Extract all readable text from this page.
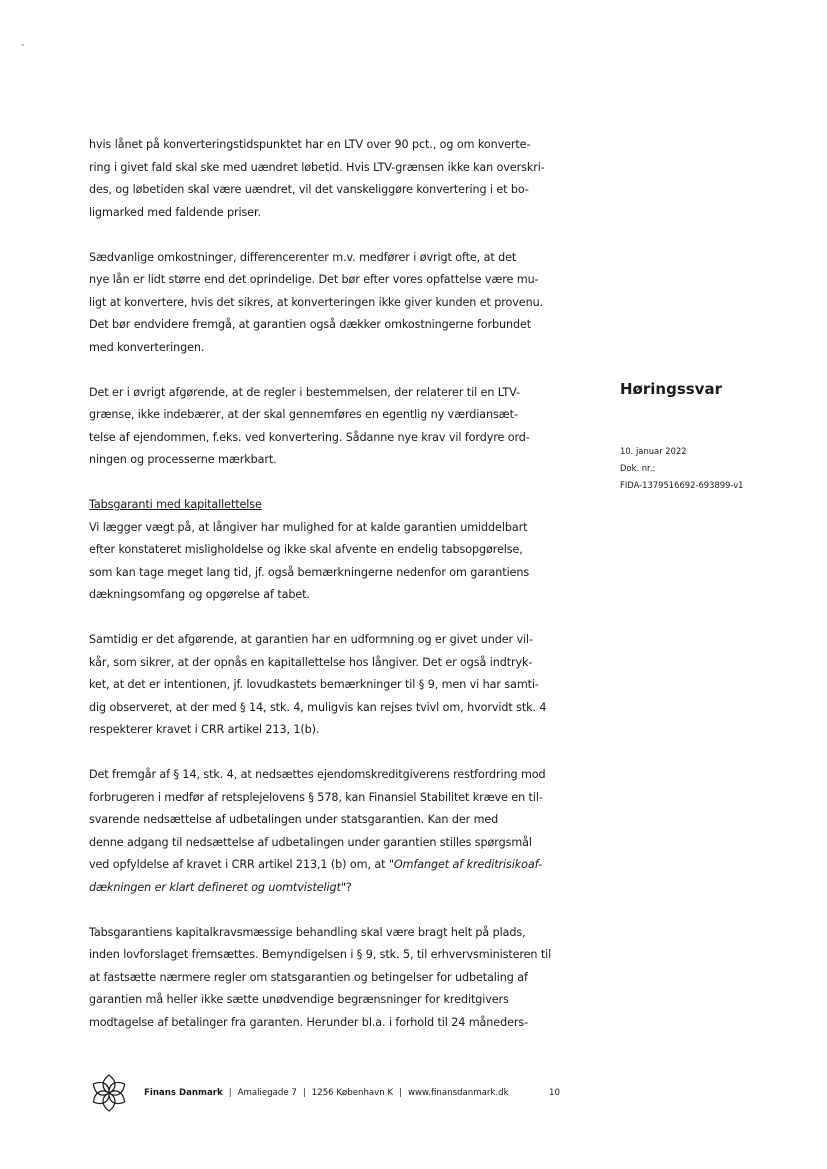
hvis lånet på konverteringstidspunktet har en LTV over 90 pct., og om konverte-
ring i givet fald skal ske med uændret løbetid. Hvis LTV-grænsen ikke kan overskri-
des, og løbetiden skal være uændret, vil det vanskeliggøre konvertering i et bo-
ligmarked med faldende priser.

Sædvanlige omkostninger, differencerenter m.v. medfører i øvrigt ofte, at det
nye lån er lidt større end det oprindelige. Det bør efter vores opfattelse være mu-
ligt at konvertere, hvis det sikres, at konverteringen ikke giver kunden et provenu.
Det bør endvidere fremgå, at garantien også dækker omkostningerne forbundet
med konverteringen.

Det er i øvrigt afgørende, at de regler i bestemmelsen, der relaterer til en LTV-
grænse, ikke indebærer, at der skal gennemføres en egentlig ny værdiansæt-
telse af ejendommen, f.eks. ved konvertering. Sådanne nye krav vil fordyre ord-
ningen og processerne mærkbart.

Tabsgaranti med kapitallettelse
Vi lægger vægt på, at långiver har mulighed for at kalde garantien umiddelbart
efter konstateret misligholdelse og ikke skal afvente en endelig tabsopgørelse,
som kan tage meget lang tid, jf. også bemærkningerne nedenfor om garantiens
dækningsomfang og opgørelse af tabet.

Samtidig er det afgørende, at garantien har en udformning og er givet under vil-
kår, som sikrer, at der opnås en kapitallettelse hos långiver. Det er også indtryk-
ket, at det er intentionen, jf. lovudkastets bemærkninger til § 9, men vi har samti-
dig observeret, at der med § 14, stk. 4, muligvis kan rejses tvivl om, hvorvidt stk. 4
respekterer kravet i CRR artikel 213, 1(b).

Det fremgår af § 14, stk. 4, at nedsættes ejendomskreditgiverens restfordring mod
forbrugeren i medfør af retsplejelovens § 578, kan Finansiel Stabilitet kræve en til-
svarende nedsættelse af udbetalingen under statsgarantien. Kan der med
denne adgang til nedsættelse af udbetalingen under garantien stilles spørgsmål
ved opfyldelse af kravet i CRR artikel 213,1 (b) om, at "Omfanget af kreditrisikoaf-
dækningen er klart defineret og uomtvisteligt"?

Tabsgarantiens kapitalkravsmæssige behandling skal være bragt helt på plads,
inden lovforslaget fremsættes. Bemyndigelsen i § 9, stk. 5, til erhvervsministeren til
at fastsætte nærmere regler om statsgarantien og betingelser for udbetaling af
garantien må heller ikke sætte unødvendige begrænsninger for kreditgivers
modtagelse af betalinger fra garanten. Herunder bl.a. i forhold til 24 måneders-

Høringssvar
10. januar 2022
Dok. nr.:
FIDA-1379516692-693899-v1
Finans Danmark | Amaliegade 7 | 1256 København K | www.finansdanmark.dk	10
